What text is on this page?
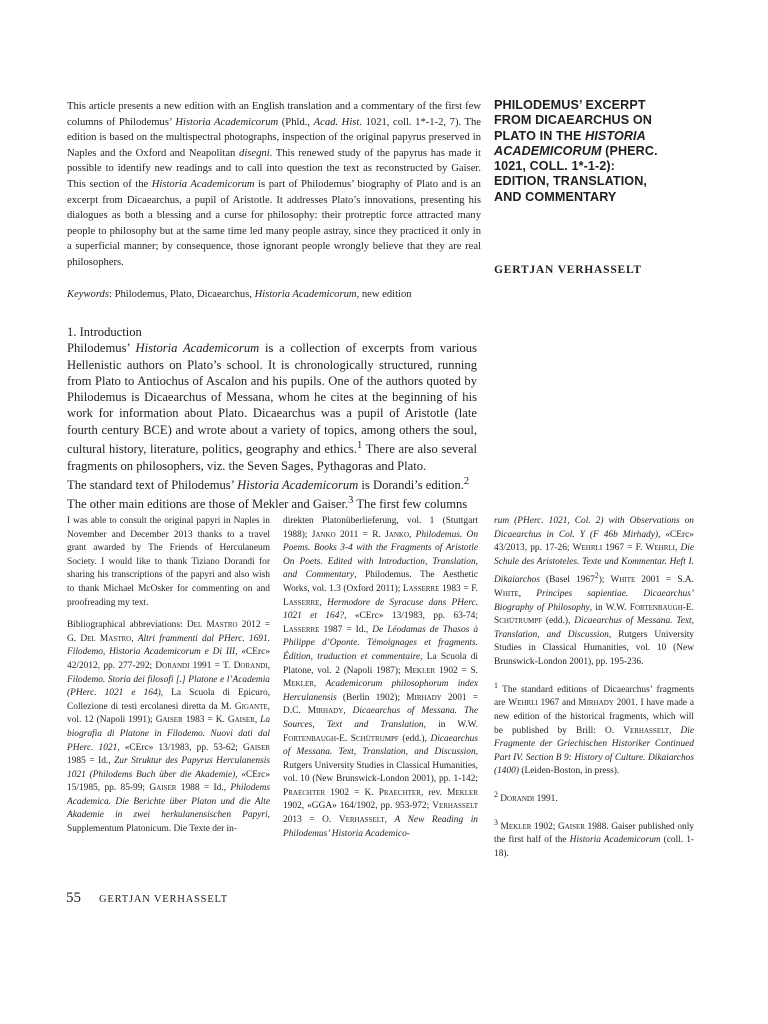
This article presents a new edition with an English translation and a commentary of the first few columns of Philodemus’ Historia Academicorum (Phld., Acad. Hist. 1021, coll. 1*-1-2, 7). The edition is based on the multispectral photographs, inspection of the original papyrus preserved in Naples and the Oxford and Neapolitan disegni. This renewed study of the papyrus has made it possible to identify new readings and to call into question the text as reconstructed by Gaiser. This section of the Historia Academicorum is part of Philodemus’ biography of Plato and is an excerpt from Dicaearchus, a pupil of Aristotle. It addresses Plato’s innovations, presenting his dialogues as both a blessing and a curse for philosophy: their protreptic force attracted many people to philosophy but at the same time led many people astray, since they practiced it only in a superficial manner; by consequence, those ignorant people wrongly believe that they are real philosophers.
Keywords: Philodemus, Plato, Dicaearchus, Historia Academicorum, new edition
PHILODEMUS’ EXCERPT FROM DICAEARCHUS ON PLATO IN THE HISTORIA ACADEMICORUM (PHERC. 1021, COLL. 1*-1-2): EDITION, TRANSLATION, AND COMMENTARY
GERTJAN VERHASSELT
1. Introduction
Philodemus’ Historia Academicorum is a collection of excerpts from various Hellenistic authors on Plato’s school. It is chronologically structured, running from Plato to Antiochus of Ascalon and his pupils. One of the authors quoted by Philodemus is Dicaearchus of Messana, whom he cites at the beginning of his work for information about Plato. Dicaearchus was a pupil of Aristotle (late fourth century BCE) and wrote about a variety of topics, among others the soul, cultural history, literature, politics, geography and ethics.$^1$ There are also several fragments on philosophers, viz. the Seven Sages, Pythagoras and Plato.
The standard text of Philodemus’ Historia Academicorum is Dorandi’s edition.$^2$
The other main editions are those of Mekler and Gaiser.$^3$ The first few columns

I was able to consult the original papyri in Naples in November and December 2013 thanks to a travel grant awarded by The Friends of Herculaneum Society. I would like to thank Tiziano Dorandi for sharing his transcriptions of the papyri and also wish to thank Michael McOsker for commenting on and proofreading my text.

Bibliographical abbreviations: Del Mastro 2012 = G. Del Mastro, Altri frammenti dal PHerc. 1691. Filodemo, Historia Academicorum e Di III, «CErc» 42/2012, pp. 277-292; Dorandi 1991 = T. Dorandi, Filodemo. Storia dei filosofi [.] Platone e l’Academia (PHerc. 1021 e 164), La Scuola di Epicuro, Collezione di testi ercolanesi diretta da M. Gigante, vol. 12 (Napoli 1991); Gaiser 1983 = K. Gaiser, La biografia di Platone in Filodemo. Nuovi dati dal PHerc. 1021, «CErc» 13/1983, pp. 53-62; Gaiser 1985 = Id., Zur Struktur des Papyrus Herculanensis 1021 (Philodems Buch über die Akademie), «CErc» 15/1985, pp. 85-99; Gaiser 1988 = Id., Philodems Academica. Die Berichte über Platon und die Alte Akademie in zwei herkulanensischen Papyri, Supplementum Platonicum. Die Texte der in-

direkten Platonüberlieferung, vol. 1 (Stuttgart 1988); Janko 2011 = R. Janko, Philodemus. On Poems. Books 3-4 with the Fragments of Aristotle On Poets. Edited with Introduction, Translation, and Commentary, Philodemus. The Aesthetic Works, vol. 1.3 (Oxford 2011); Lasserre 1983 = F. Lasserre, Hermodore de Syracuse dans PHerc. 1021 et 164?, «CErc» 13/1983, pp. 63-74; Lasserre 1987 = Id., De Léodamas de Thasos à Philippe d’Oponte. Témoignages et fragments. Édition, traduction et commentaire, La Scuola di Platone, vol. 2 (Napoli 1987); Mekler 1902 = S. Mekler, Academicorum philosophorum index Herculanensis (Berlin 1902); Mirhady 2001 = D.C. Mirhady, Dicaearchus of Messana. The Sources, Text and Translation, in W.W. Fortenbaugh-E. Schütrumpf (edd.), Dicaearchus of Messana. Text, Translation, and Discussion, Rutgers University Studies in Classical Humanities, vol. 10 (New Brunswick-London 2001), pp. 1-142; Praechter 1902 = K. Praechter, rev. Mekler 1902, «GGA» 164/1902, pp. 953-972; Verhasselt 2013 = O. Verhasselt, A New Reading in Philodemus’ Historia Academico-

rum (PHerc. 1021, Col. 2) with Observations on Dicaearchus in Col. Y (F 46b Mirhady), «CErc» 43/2013, pp. 17-26; Wehrli 1967 = F. Wehrli, Die Schule des Aristoteles. Texte und Kommentar. Heft I. Dikaiarchos (Basel 1967$^2$); White 2001 = S.A. White, Principes sapientiae. Dicaearchus’ Biography of Philosophy, in W.W. Fortenbaugh-E. Schütrumpf (edd.), Dicaearchus of Messana. Text, Translation, and Discussion, Rutgers University Studies in Classical Humanities, vol. 10 (New Brunswick-London 2001), pp. 195-236.

$^1$ The standard editions of Dicaearchus’ fragments are Wehrli 1967 and Mirhady 2001. I have made a new edition of the historical fragments, which will be published by Brill: O. Verhasselt, Die Fragmente der Griechischen Historiker Continued Part IV. Section B 9: History of Culture. Dikaiarchos (1400) (Leiden-Boston, in press).

$^2$ Dorandi 1991.

$^3$ Mekler 1902; Gaiser 1988. Gaiser published only the first half of the Historia Academicorum (coll. 1-18).

55 GERTJAN VERHASSELT
